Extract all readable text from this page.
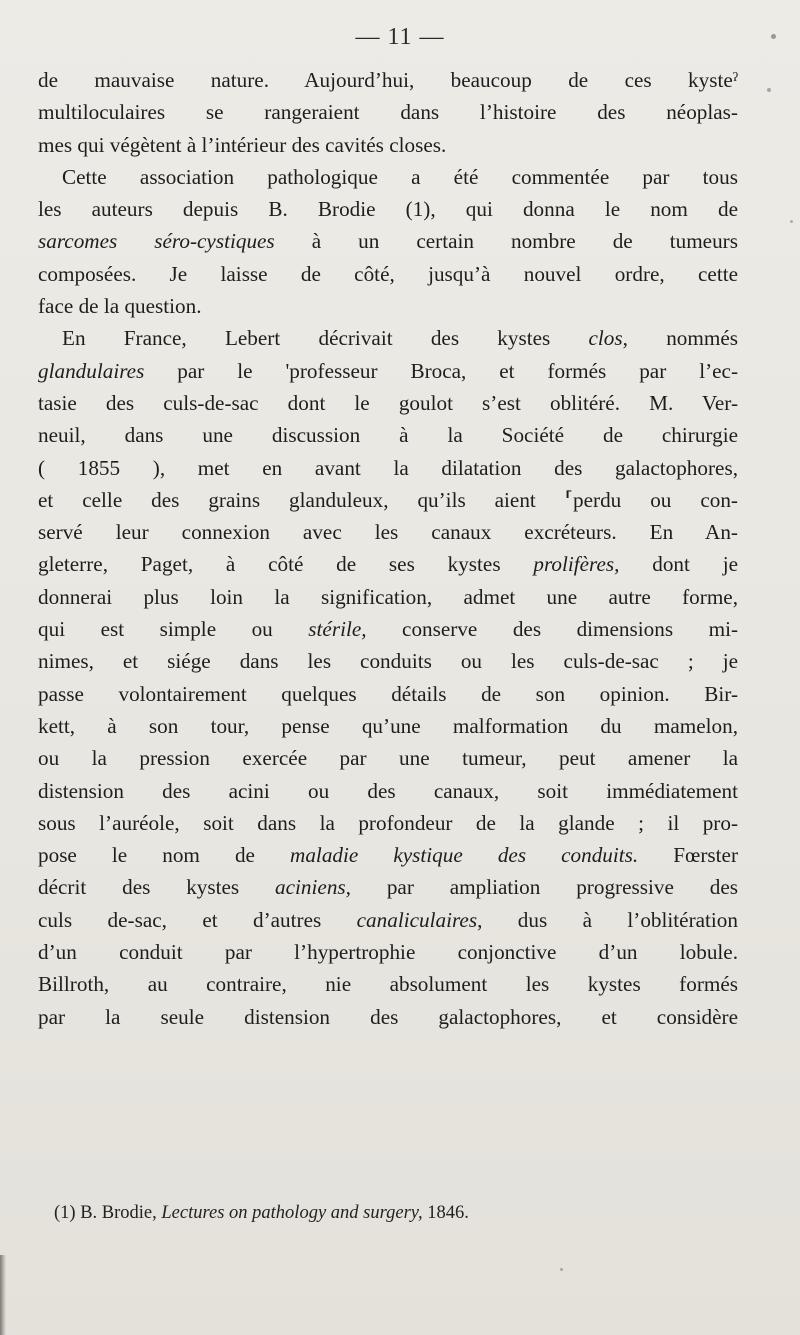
— 11 —
de mauvaise nature. Aujourd’hui, beaucoup de ces kysteˀ
multiloculaires se rangeraient dans l’histoire des néoplas-
mes qui végètent à l’intérieur des cavités closes.
Cette association pathologique a été commentée par tous
les auteurs depuis B. Brodie (1), qui donna le nom de
sarcomes séro-cystiques à un certain nombre de tumeurs
composées. Je laisse de côté, jusqu’à nouvel ordre, cette
face de la question.
En France, Lebert décrivait des kystes clos, nommés
glandulaires par le 'professeur Broca, et formés par l’ec-
tasie des culs-de-sac dont le goulot s’est oblitéré. M. Ver-
neuil, dans une discussion à la Société de chirurgie
( 1855 ), met en avant la dilatation des galactophores,
et celle des grains glanduleux, qu’ils aient ⸢perdu ou con-
servé leur connexion avec les canaux excréteurs. En An-
gleterre, Paget, à côté de ses kystes prolifères, dont je
donnerai plus loin la signification, admet une autre forme,
qui est simple ou stérile, conserve des dimensions mi-
nimes, et siége dans les conduits ou les culs-de-sac ; je
passe volontairement quelques détails de son opinion. Bir-
kett, à son tour, pense qu’une malformation du mamelon,
ou la pression exercée par une tumeur, peut amener la
distension des acini ou des canaux, soit immédiatement
sous l’auréole, soit dans la profondeur de la glande ; il pro-
pose le nom de maladie kystique des conduits. Fœrster
décrit des kystes aciniens, par ampliation progressive des
culs de-sac, et d’autres canaliculaires, dus à l’oblitération
d’un conduit par l’hypertrophie conjonctive d’un lobule.
Billroth, au contraire, nie absolument les kystes formés
par la seule distension des galactophores, et considère
(1) B. Brodie, Lectures on pathology and surgery, 1846.
